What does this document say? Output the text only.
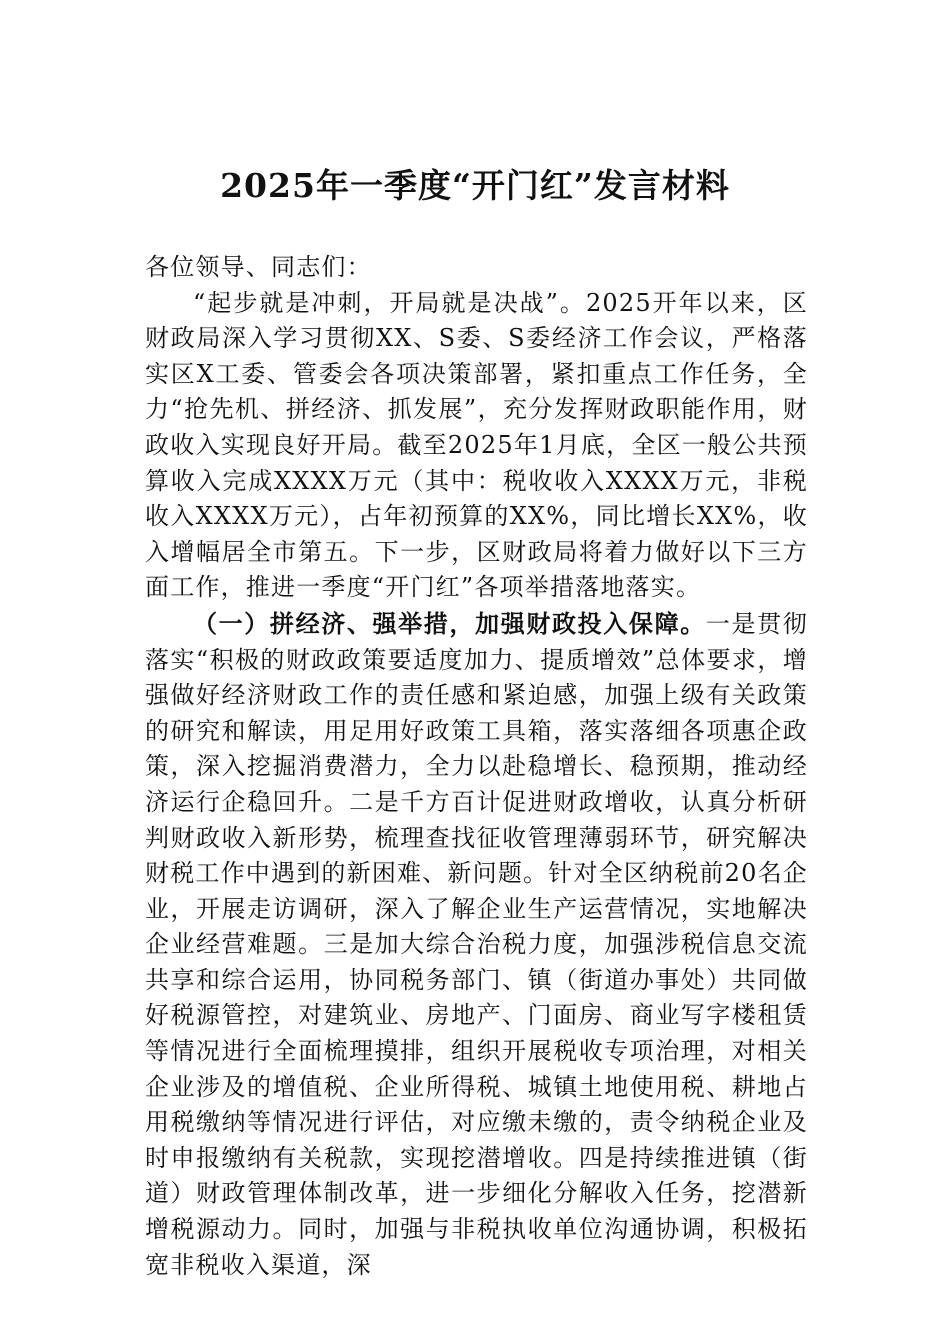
2025年一季度“开门红”发言材料

各位领导、同志们：

“起步就是冲刺，开局就是决战”。2025开年以来，区财政局深入学习贯彻XX、S委、S委经济工作会议，严格落实区X工委、管委会各项决策部署，紧扣重点工作任务，全力“抢先机、拼经济、抓发展”，充分发挥财政职能作用，财政收入实现良好开局。截至2025年1月底，全区一般公共预算收入完成XXXX万元（其中：税收收入XXXX万元，非税收入XXXX万元），占年初预算的XX%，同比增长XX%，收入增幅居全市第五。下一步，区财政局将着力做好以下三方面工作，推进一季度“开门红”各项举措落地落实。

（一）拼经济、强举措，加强财政投入保障。一是贯彻落实“积极的财政政策要适度加力、提质增效”总体要求，增强做好经济财政工作的责任感和紧迫感，加强上级有关政策的研究和解读，用足用好政策工具箱，落实落细各项惠企政策，深入挖掘消费潜力，全力以赴稳增长、稳预期，推动经济运行企稳回升。二是千方百计促进财政增收，认真分析研判财政收入新形势，梳理查找征收管理薄弱环节，研究解决财税工作中遇到的新困难、新问题。针对全区纳税前20名企业，开展走访调研，深入了解企业生产运营情况，实地解决企业经营难题。三是加大综合治税力度，加强涉税信息交流共享和综合运用，协同税务部门、镇（街道办事处）共同做好税源管控，对建筑业、房地产、门面房、商业写字楼租赁等情况进行全面梳理摸排，组织开展税收专项治理，对相关企业涉及的增值税、企业所得税、城镇土地使用税、耕地占用税缴纳等情况进行评估，对应缴未缴的，责令纳税企业及时申报缴纳有关税款，实现挖潜增收。四是持续推进镇（街道）财政管理体制改革，进一步细化分解收入任务，挖潜新增税源动力。同时，加强与非税执收单位沟通协调，积极拓宽非税收入渠道，深
